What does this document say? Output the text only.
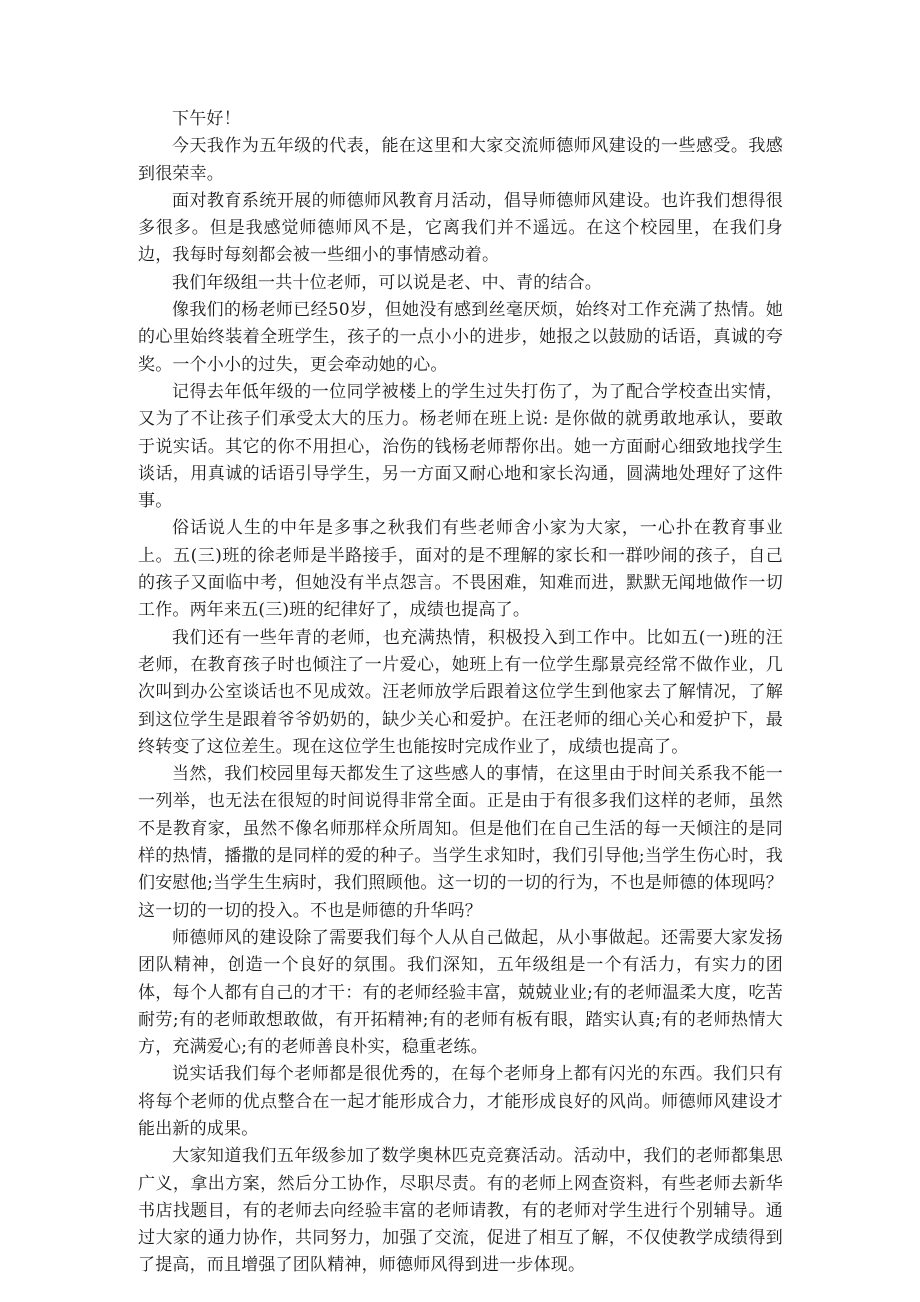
下午好！

今天我作为五年级的代表，能在这里和大家交流师德师风建设的一些感受。我感到很荣幸。

面对教育系统开展的师德师风教育月活动，倡导师德师风建设。也许我们想得很多很多。但是我感觉师德师风不是，它离我们并不遥远。在这个校园里，在我们身边，我每时每刻都会被一些细小的事情感动着。

我们年级组一共十位老师，可以说是老、中、青的结合。

像我们的杨老师已经50岁，但她没有感到丝毫厌烦，始终对工作充满了热情。她的心里始终装着全班学生，孩子的一点小小的进步，她报之以鼓励的话语，真诚的夸奖。一个小小的过失，更会牵动她的心。

记得去年低年级的一位同学被楼上的学生过失打伤了，为了配合学校查出实情，又为了不让孩子们承受太大的压力。杨老师在班上说: 是你做的就勇敢地承认，要敢于说实话。其它的你不用担心，治伤的钱杨老师帮你出。她一方面耐心细致地找学生谈话，用真诚的话语引导学生，另一方面又耐心地和家长沟通，圆满地处理好了这件事。

俗话说人生的中年是多事之秋我们有些老师舍小家为大家，一心扑在教育事业上。五(三)班的徐老师是半路接手，面对的是不理解的家长和一群吵闹的孩子，自己的孩子又面临中考，但她没有半点怨言。不畏困难，知难而进，默默无闻地做作一切工作。两年来五(三)班的纪律好了，成绩也提高了。

我们还有一些年青的老师，也充满热情，积极投入到工作中。比如五(一)班的汪老师，在教育孩子时也倾注了一片爱心，她班上有一位学生鄢景亮经常不做作业，几次叫到办公室谈话也不见成效。汪老师放学后跟着这位学生到他家去了解情况，了解到这位学生是跟着爷爷奶奶的，缺少关心和爱护。在汪老师的细心关心和爱护下，最终转变了这位差生。现在这位学生也能按时完成作业了，成绩也提高了。

当然，我们校园里每天都发生了这些感人的事情，在这里由于时间关系我不能一一列举，也无法在很短的时间说得非常全面。正是由于有很多我们这样的老师，虽然不是教育家，虽然不像名师那样众所周知。但是他们在自己生活的每一天倾注的是同样的热情，播撒的是同样的爱的种子。当学生求知时，我们引导他;当学生伤心时，我们安慰他;当学生生病时，我们照顾他。这一切的一切的行为，不也是师德的体现吗？这一切的一切的投入。不也是师德的升华吗？

师德师风的建设除了需要我们每个人从自己做起，从小事做起。还需要大家发扬团队精神，创造一个良好的氛围。我们深知，五年级组是一个有活力，有实力的团体，每个人都有自己的才干：有的老师经验丰富，兢兢业业;有的老师温柔大度，吃苦耐劳;有的老师敢想敢做，有开拓精神;有的老师有板有眼，踏实认真;有的老师热情大方，充满爱心;有的老师善良朴实，稳重老练。

说实话我们每个老师都是很优秀的，在每个老师身上都有闪光的东西。我们只有将每个老师的优点整合在一起才能形成合力，才能形成良好的风尚。师德师风建设才能出新的成果。

大家知道我们五年级参加了数学奥林匹克竞赛活动。活动中，我们的老师都集思广义，拿出方案，然后分工协作，尽职尽责。有的老师上网查资料，有些老师去新华书店找题目，有的老师去向经验丰富的老师请教，有的老师对学生进行个别辅导。通过大家的通力协作，共同努力，加强了交流，促进了相互了解，不仅使教学成绩得到了提高，而且增强了团队精神，师德师风得到进一步体现。
